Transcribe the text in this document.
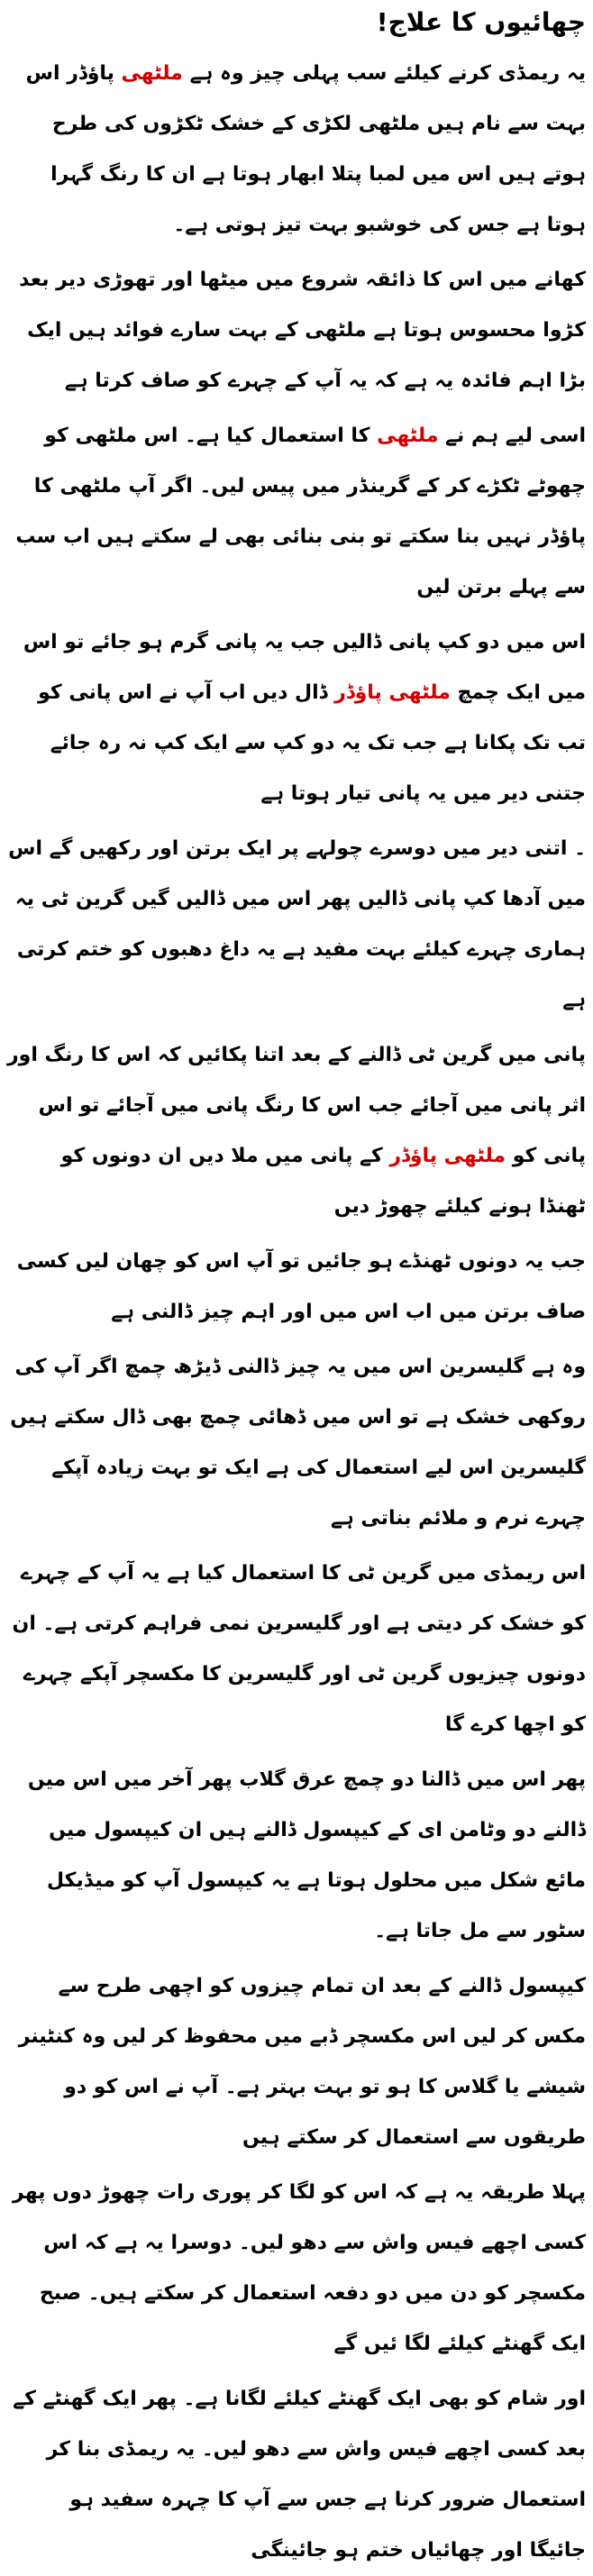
چھائیوں کا علاج!

یہ ریمڈی کرنے کیلئے سب پہلی چیز وہ ہے ملٹھی پاؤڈر اس بہت سے نام ہیں ملٹھی لکڑی کے خشک ٹکڑوں کی طرح ہوتے ہیں اس میں لمبا پتلا ابھار ہوتا ہے ان کا رنگ گہرا ہوتا ہے جس کی خوشبو بہت تیز ہوتی ہے۔

کھانے میں اس کا ذائقہ شروع میں میٹھا اور تھوڑی دیر بعد کڑوا محسوس ہوتا ہے ملٹھی کے بہت سارے فوائد ہیں ایک بڑا اہم فائدہ یہ ہے کہ یہ آپ کے چہرے کو صاف کرتا ہے

اسی لیے ہم نے ملٹھی کا استعمال کیا ہے۔ اس ملٹھی کو چھوٹے ٹکڑے کر کے گرینڈر میں پیس لیں۔ اگر آپ ملٹھی کا پاؤڈر نہیں بنا سکتے تو بنی بنائی بھی لے سکتے ہیں اب سب سے پہلے برتن لیں

اس میں دو کپ پانی ڈالیں جب یہ پانی گرم ہو جائے تو اس میں ایک چمچ ملٹھی پاؤڈر ڈال دیں اب آپ نے اس پانی کو تب تک پکانا ہے جب تک یہ دو کپ سے ایک کپ نہ رہ جائے جتنی دیر میں یہ پانی تیار ہوتا ہے

۔ اتنی دیر میں دوسرے چولہے پر ایک برتن اور رکھیں گے اس میں آدھا کپ پانی ڈالیں پھر اس میں ڈالیں گیں گرین ٹی یہ ہماری چہرے کیلئے بہت مفید ہے یہ داغ دھبوں کو ختم کرتی ہے

پانی میں گرین ٹی ڈالنے کے بعد اتنا پکائیں کہ اس کا رنگ اور اثر پانی میں آجائے جب اس کا رنگ پانی میں آجائے تو اس پانی کو ملٹھی پاؤڈر کے پانی میں ملا دیں ان دونوں کو ٹھنڈا ہونے کیلئے چھوڑ دیں

جب یہ دونوں ٹھنڈے ہو جائیں تو آپ اس کو چھان لیں کسی صاف برتن میں اب اس میں اور اہم چیز ڈالنی ہے

وہ ہے گلیسرین اس میں یہ چیز ڈالنی ڈیڑھ چمچ اگر آپ کی روکھی خشک ہے تو اس میں ڈھائی چمچ بھی ڈال سکتے ہیں گلیسرین اس لیے استعمال کی ہے ایک تو بہت زیادہ آپکے چہرے نرم و ملائم بناتی ہے

اس ریمڈی میں گرین ٹی کا استعمال کیا ہے یہ آپ کے چہرے کو خشک کر دیتی ہے اور گلیسرین نمی فراہم کرتی ہے۔ ان دونوں چیزیوں گرین ٹی اور گلیسرین کا مکسچر آپکے چہرے کو اچھا کرے گا

پھر اس میں ڈالنا دو چمچ عرق گلاب پھر آخر میں اس میں ڈالنے دو وٹامن ای کے کیپسول ڈالنے ہیں ان کیپسول میں مائع شکل میں محلول ہوتا ہے یہ کیپسول آپ کو میڈیکل سٹور سے مل جاتا ہے۔

کیپسول ڈالنے کے بعد ان تمام چیزوں کو اچھی طرح سے مکس کر لیں اس مکسچر ڈبے میں محفوظ کر لیں وہ کنٹینر شیشے یا گلاس کا ہو تو بہت بہتر ہے۔ آپ نے اس کو دو طریقوں سے استعمال کر سکتے ہیں

پہلا طریقہ یہ ہے کہ اس کو لگا کر پوری رات چھوڑ دوں پھر کسی اچھے فیس واش سے دھو لیں۔ دوسرا یہ ہے کہ اس مکسچر کو دن میں دو دفعہ استعمال کر سکتے ہیں۔ صبح ایک گھنٹے کیلئے لگا ئیں گے

اور شام کو بھی ایک گھنٹے کیلئے لگانا ہے۔ پھر ایک گھنٹے کے بعد کسی اچھے فیس واش سے دھو لیں۔ یہ ریمڈی بنا کر استعمال ضرور کرنا ہے جس سے آپ کا چہرہ سفید ہو جائیگا اور چھائیاں ختم ہو جائینگی
